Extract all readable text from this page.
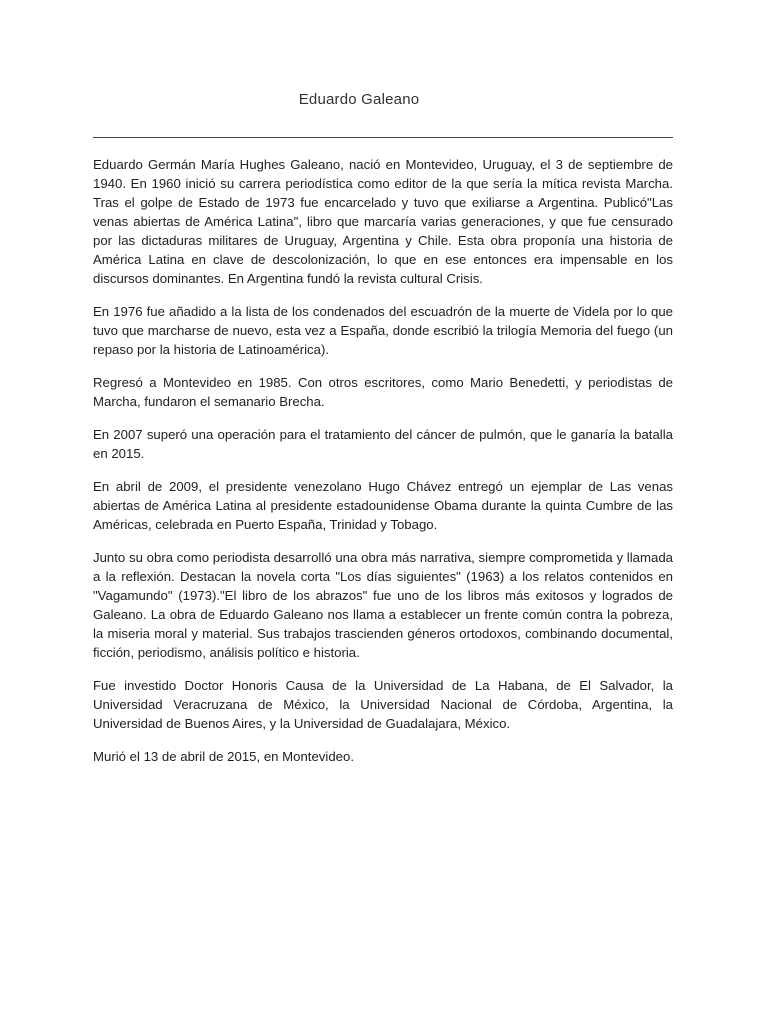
Eduardo Galeano

Eduardo Germán María Hughes Galeano, nació en Montevideo, Uruguay, el 3 de septiembre de 1940. En 1960 inició su carrera periodística como editor de la que sería la mítica revista Marcha. Tras el golpe de Estado de 1973 fue encarcelado y tuvo que exiliarse a Argentina. Publicó"Las venas abiertas de América Latina", libro que marcaría varias generaciones, y que fue censurado por las dictaduras militares de Uruguay, Argentina y Chile. Esta obra proponía una historia de América Latina en clave de descolonización, lo que en ese entonces era impensable en los discursos dominantes. En Argentina fundó la revista cultural Crisis.

En 1976 fue añadido a la lista de los condenados del escuadrón de la muerte de Videla por lo que tuvo que marcharse de nuevo, esta vez a España, donde escribió la trilogía Memoria del fuego (un repaso por la historia de Latinoamérica).

Regresó a Montevideo en 1985. Con otros escritores, como Mario Benedetti, y periodistas de Marcha, fundaron el semanario Brecha.

En 2007 superó una operación para el tratamiento del cáncer de pulmón, que le ganaría la batalla en 2015.

En abril de 2009, el presidente venezolano Hugo Chávez entregó un ejemplar de Las venas abiertas de América Latina al presidente estadounidense Obama durante la quinta Cumbre de las Américas, celebrada en Puerto España, Trinidad y Tobago.

Junto su obra como periodista desarrolló una obra más narrativa, siempre comprometida y llamada a la reflexión. Destacan la novela corta "Los días siguientes" (1963) a los relatos contenidos en "Vagamundo" (1973)."El libro de los abrazos" fue uno de los libros más exitosos y logrados de Galeano. La obra de Eduardo Galeano nos llama a establecer un frente común contra la pobreza, la miseria moral y material. Sus trabajos trascienden géneros ortodoxos, combinando documental, ficción, periodismo, análisis político e historia.

Fue investido Doctor Honoris Causa de la Universidad de La Habana, de El Salvador, la Universidad Veracruzana de México, la Universidad Nacional de Córdoba, Argentina, la Universidad de Buenos Aires, y la Universidad de Guadalajara, México.

Murió el 13 de abril de 2015, en Montevideo.
